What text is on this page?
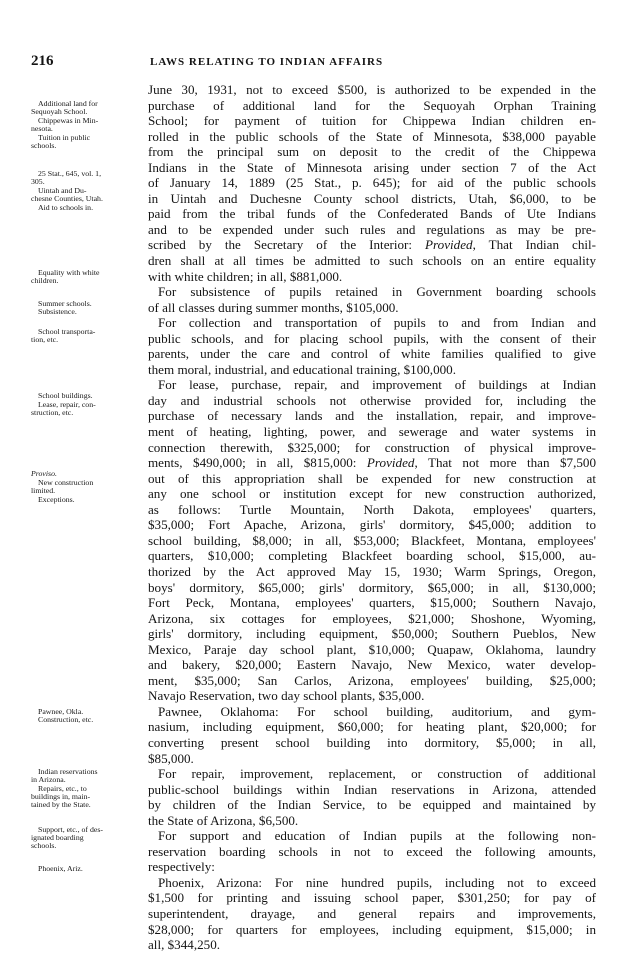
216	LAWS RELATING TO INDIAN AFFAIRS
Additional land for
Sequoyah School.
Chippewas in Min-
nesota.
Tuition in public
schools.
25 Stat., 645, vol. 1,
305.
Uintah and Du-
chesne Counties, Utah.
Aid to schools in.
Equality with white
children.
Summer schools.
Subsistence.
School transporta-
tion, etc.
School buildings.
Lease, repair, con-
struction, etc.
Proviso.
New construction
limited.
Exceptions.
Pawnee, Okla.
Construction, etc.
Indian reservations
in Arizona.
Repairs, etc., to
buildings in, main-
tained by the State.
Support, etc., of des-
ignated boarding
schools.
Phoenix, Ariz.
June 30, 1931, not to exceed $500, is authorized to be expended in the
purchase of additional land for the Sequoyah Orphan Training
School; for payment of tuition for Chippewa Indian children en-
rolled in the public schools of the State of Minnesota, $38,000 payable
from the principal sum on deposit to the credit of the Chippewa
Indians in the State of Minnesota arising under section 7 of the Act
of January 14, 1889 (25 Stat., p. 645); for aid of the public schools
in Uintah and Duchesne County school districts, Utah, $6,000, to be
paid from the tribal funds of the Confederated Bands of Ute Indians
and to be expended under such rules and regulations as may be pre-
scribed by the Secretary of the Interior: Provided, That Indian chil-
dren shall at all times be admitted to such schools on an entire equality
with white children; in all, $881,000.
For subsistence of pupils retained in Government boarding schools
of all classes during summer months, $105,000.
For collection and transportation of pupils to and from Indian and
public schools, and for placing school pupils, with the consent of their
parents, under the care and control of white families qualified to give
them moral, industrial, and educational training, $100,000.
For lease, purchase, repair, and improvement of buildings at Indian
day and industrial schools not otherwise provided for, including the
purchase of necessary lands and the installation, repair, and improve-
ment of heating, lighting, power, and sewerage and water systems in
connection therewith, $325,000; for construction of physical improve-
ments, $490,000; in all, $815,000: Provided, That not more than $7,500
out of this appropriation shall be expended for new construction at
any one school or institution except for new construction authorized,
as follows: Turtle Mountain, North Dakota, employees' quarters,
$35,000; Fort Apache, Arizona, girls' dormitory, $45,000; addition to
school building, $8,000; in all, $53,000; Blackfeet, Montana, employees'
quarters, $10,000; completing Blackfeet boarding school, $15,000, au-
thorized by the Act approved May 15, 1930; Warm Springs, Oregon,
boys' dormitory, $65,000; girls' dormitory, $65,000; in all, $130,000;
Fort Peck, Montana, employees' quarters, $15,000; Southern Navajo,
Arizona, six cottages for employees, $21,000; Shoshone, Wyoming,
girls' dormitory, including equipment, $50,000; Southern Pueblos, New
Mexico, Paraje day school plant, $10,000; Quapaw, Oklahoma, laundry
and bakery, $20,000; Eastern Navajo, New Mexico, water develop-
ment, $35,000; San Carlos, Arizona, employees' building, $25,000;
Navajo Reservation, two day school plants, $35,000.
Pawnee, Oklahoma: For school building, auditorium, and gym-
nasium, including equipment, $60,000; for heating plant, $20,000; for
converting present school building into dormitory, $5,000; in all,
$85,000.
For repair, improvement, replacement, or construction of additional
public-school buildings within Indian reservations in Arizona, attended
by children of the Indian Service, to be equipped and maintained by
the State of Arizona, $6,500.
For support and education of Indian pupils at the following non-
reservation boarding schools in not to exceed the following amounts,
respectively:
Phoenix, Arizona: For nine hundred pupils, including not to exceed
$1,500 for printing and issuing school paper, $301,250; for pay of
superintendent, drayage, and general repairs and improvements,
$28,000; for quarters for employees, including equipment, $15,000; in
all, $344,250.
